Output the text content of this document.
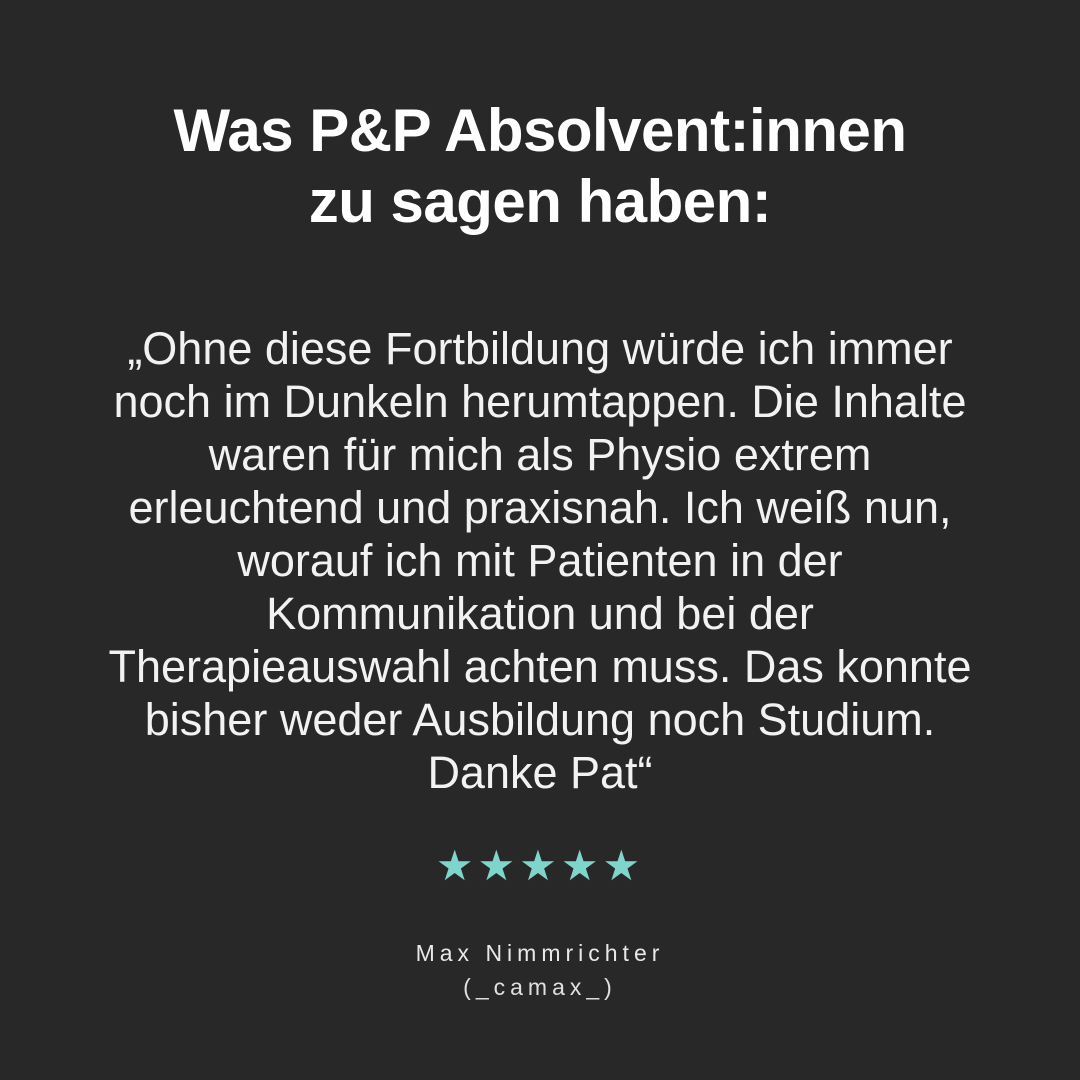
Was P&P Absolvent:innen
zu sagen haben:

„Ohne diese Fortbildung würde ich immer noch im Dunkeln herumtappen. Die Inhalte waren für mich als Physio extrem erleuchtend und praxisnah. Ich weiß nun, worauf ich mit Patienten in der Kommunikation und bei der Therapieauswahl achten muss. Das konnte bisher weder Ausbildung noch Studium. Danke Pat“

★★★★★
Max Nimmrichter
(_camax_)
